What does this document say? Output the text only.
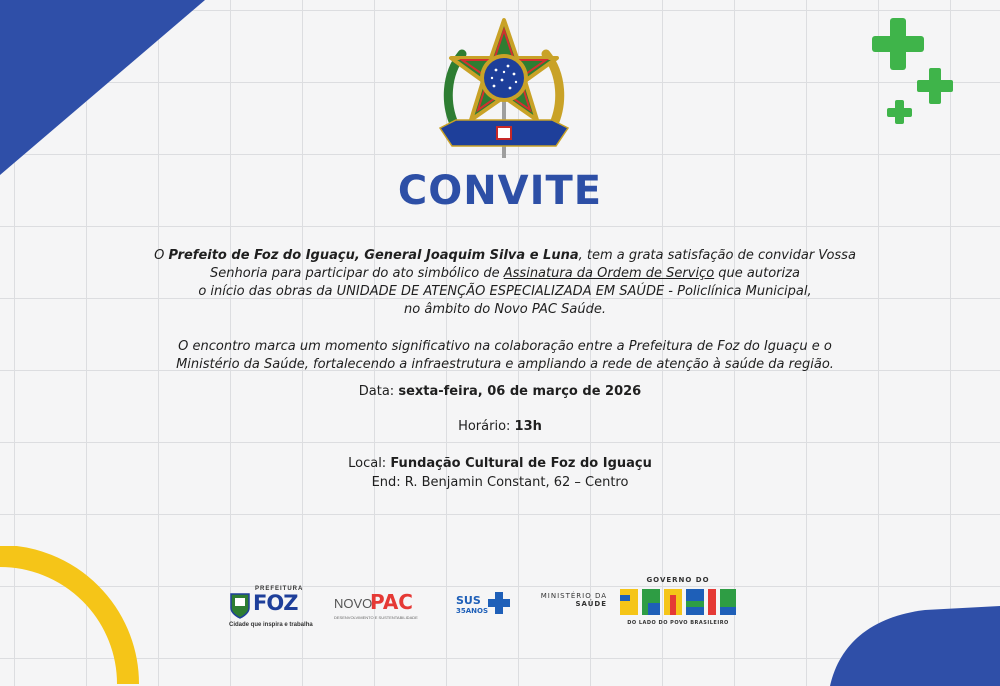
CONVITE
O Prefeito de Foz do Iguaçu, General Joaquim Silva e Luna, tem a grata satisfação de convidar Vossa
Senhoria para participar do ato simbólico de Assinatura da Ordem de Serviço que autoriza
o início das obras da UNIDADE DE ATENÇÃO ESPECIALIZADA EM SAÚDE - Policlínica Municipal,
no âmbito do Novo PAC Saúde.
O encontro marca um momento significativo na colaboração entre a Prefeitura de Foz do Iguaçu e o
Ministério da Saúde, fortalecendo a infraestrutura e ampliando a rede de atenção à saúde da região.
Data: sexta-feira, 06 de março de 2026
Horário: 13h
Local: Fundação Cultural de Foz do Iguaçu
End: R. Benjamin Constant, 62 – Centro
PREFEITURA
FOZ
Cidade que inspira e trabalha
NOVO
PAC
DESENVOLVIMENTO E SUSTENTABILIDADE
SUS
35ANOS
MINISTÉRIO DA
SAÚDE
GOVERNO DO
DO LADO DO POVO BRASILEIRO
